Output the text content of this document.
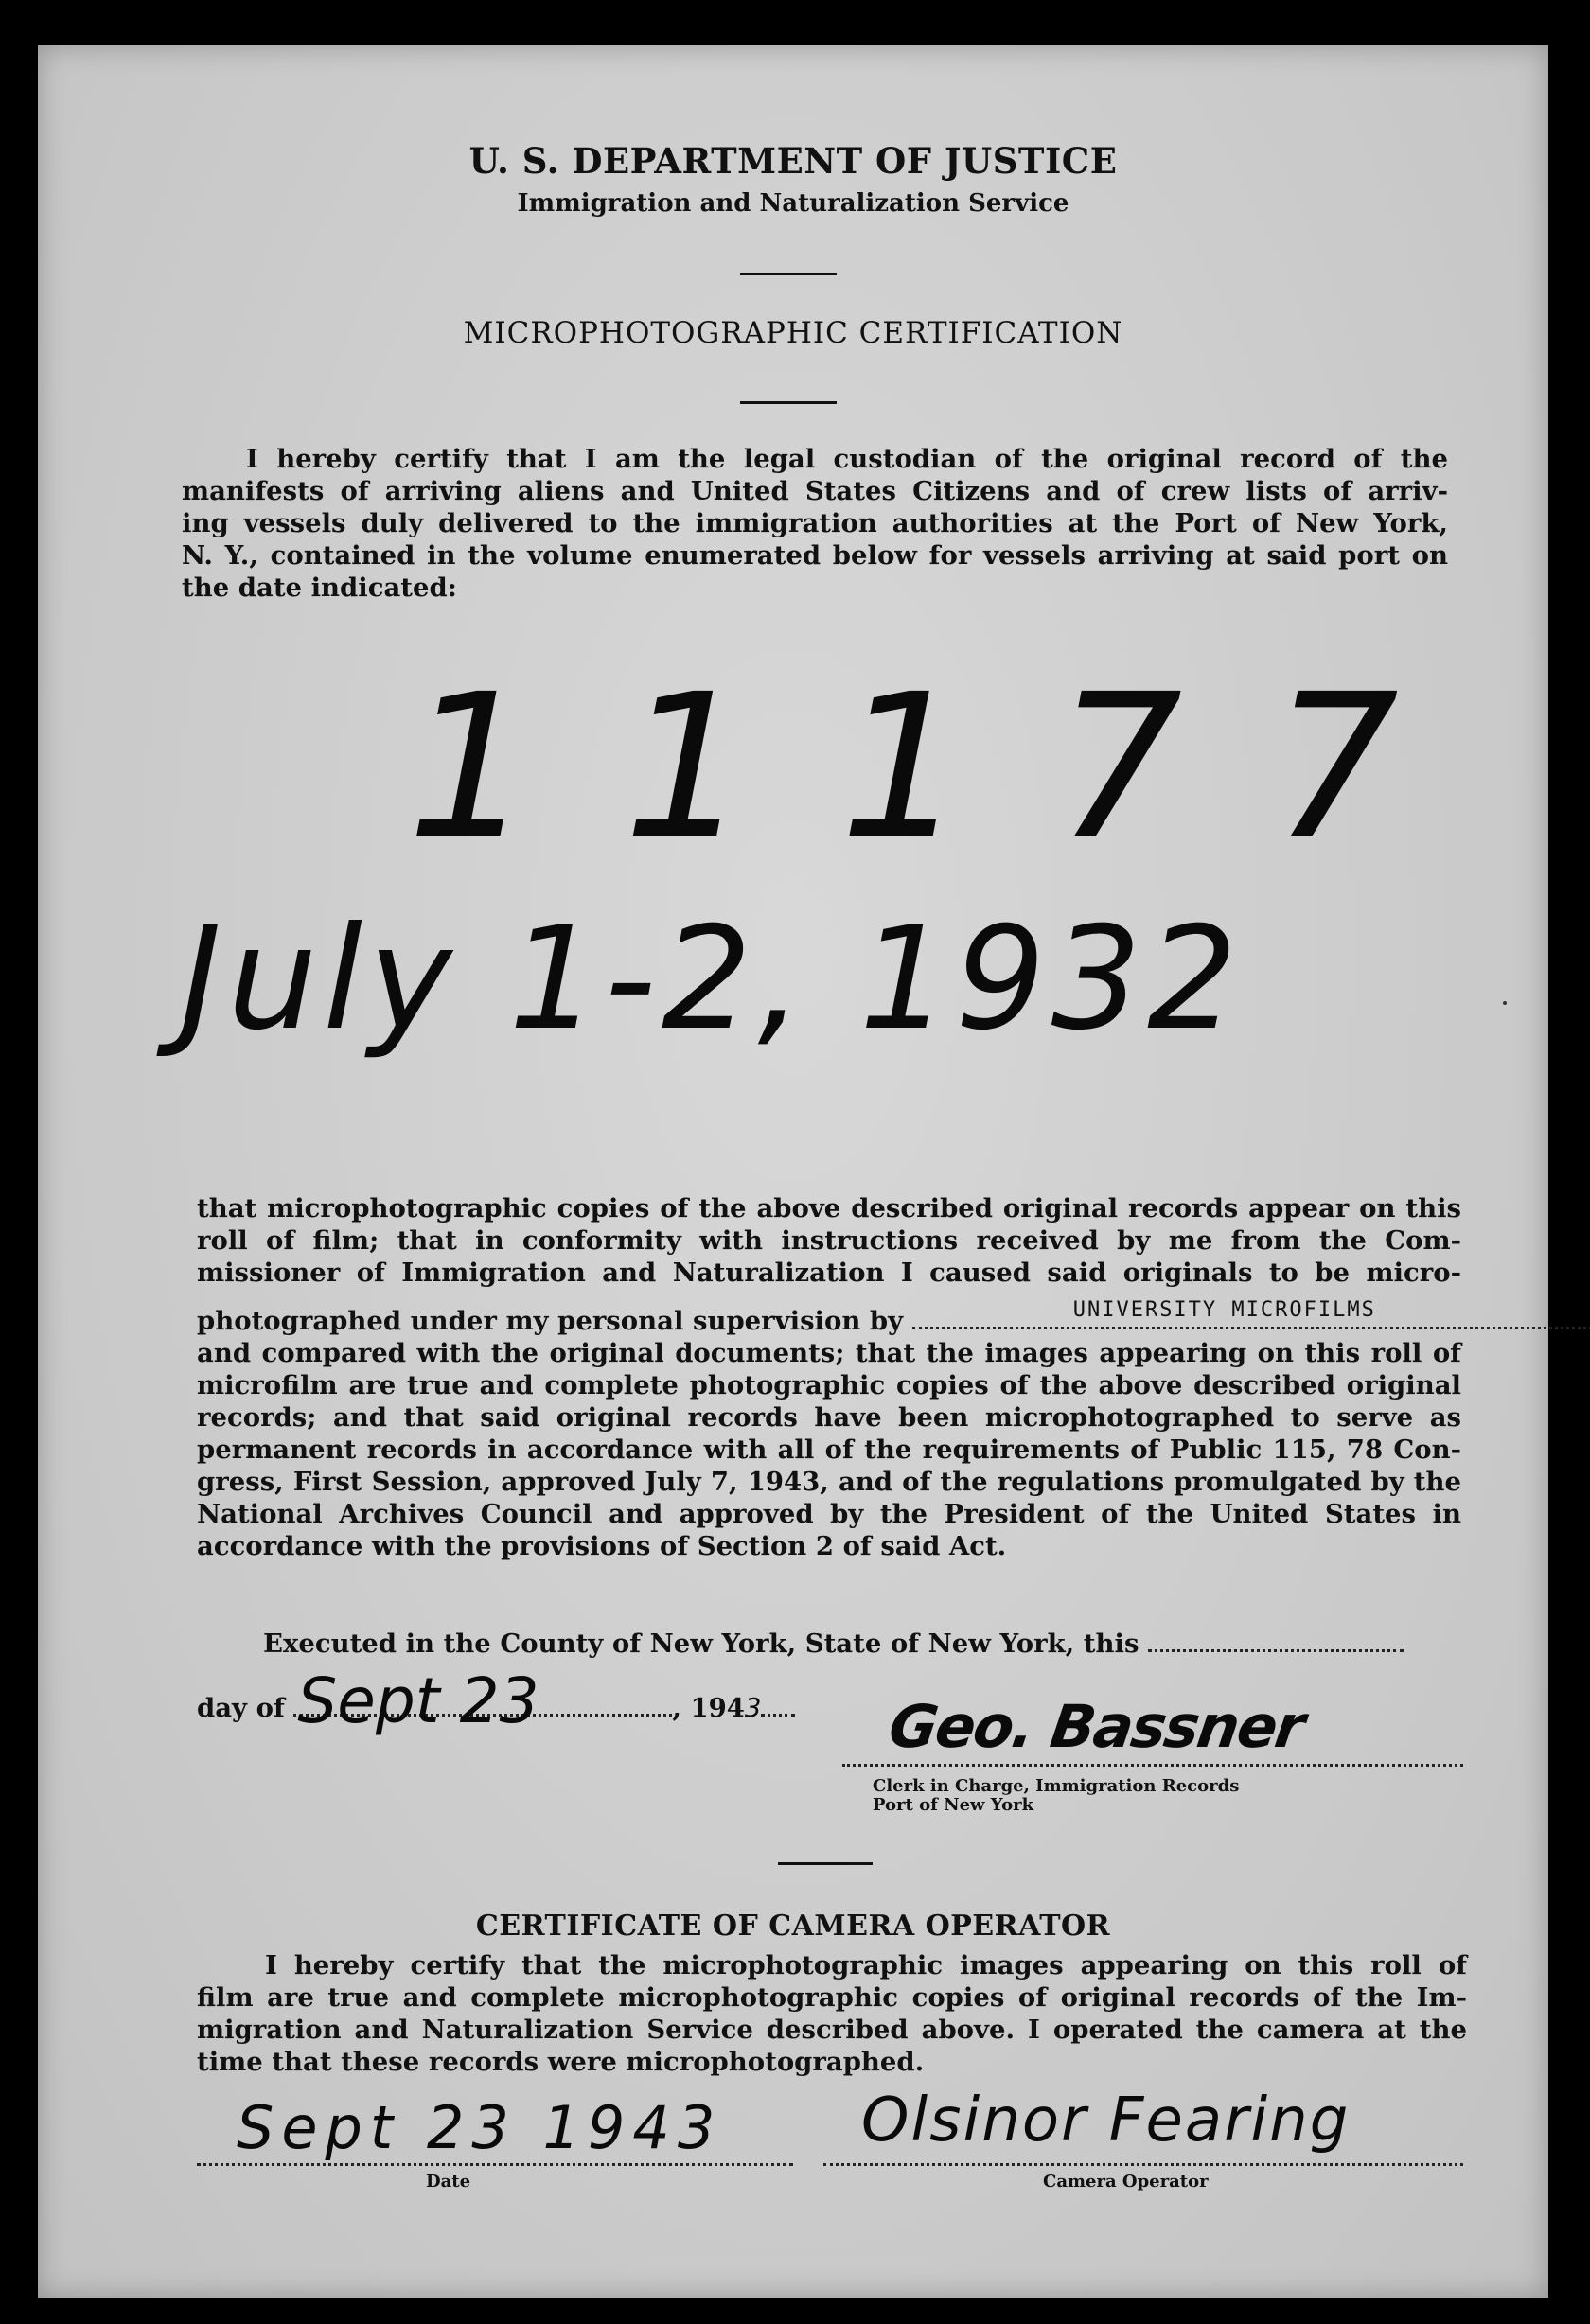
U. S. DEPARTMENT OF JUSTICE
Immigration and Naturalization Service
MICROPHOTOGRAPHIC CERTIFICATION
I hereby certify that I am the legal custodian of the original record of the
manifests of arriving aliens and United States Citizens and of crew lists of arriv-
ing vessels duly delivered to the immigration authorities at the Port of New York,
N. Y., contained in the volume enumerated below for vessels arriving at said port on
the date indicated:
11177
July 1-2, 1932
that microphotographic copies of the above described original records appear on this
roll of film; that in conformity with instructions received by me from the Com-
missioner of Immigration and Naturalization I caused said originals to be micro-
photographed under my personal supervision by	UNIVERSITY MICROFILMS
and compared with the original documents; that the images appearing on this roll of
microfilm are true and complete photographic copies of the above described original
records; and that said original records have been microphotographed to serve as
permanent records in accordance with all of the requirements of Public 115, 78 Con-
gress, First Session, approved July 7, 1943, and of the regulations promulgated by the
National Archives Council and approved by the President of the United States in
accordance with the provisions of Section 2 of said Act.
Executed in the County of New York, State of New York, this
day of Sept 23	, 1943	Geo. Bassner
Clerk in Charge, Immigration Records
Port of New York
CERTIFICATE OF CAMERA OPERATOR
I hereby certify that the microphotographic images appearing on this roll of
film are true and complete microphotographic copies of original records of the Im-
migration and Naturalization Service described above. I operated the camera at the
time that these records were microphotographed.
Sept 23 1943
Date
Olsinor Fearing
Camera Operator
